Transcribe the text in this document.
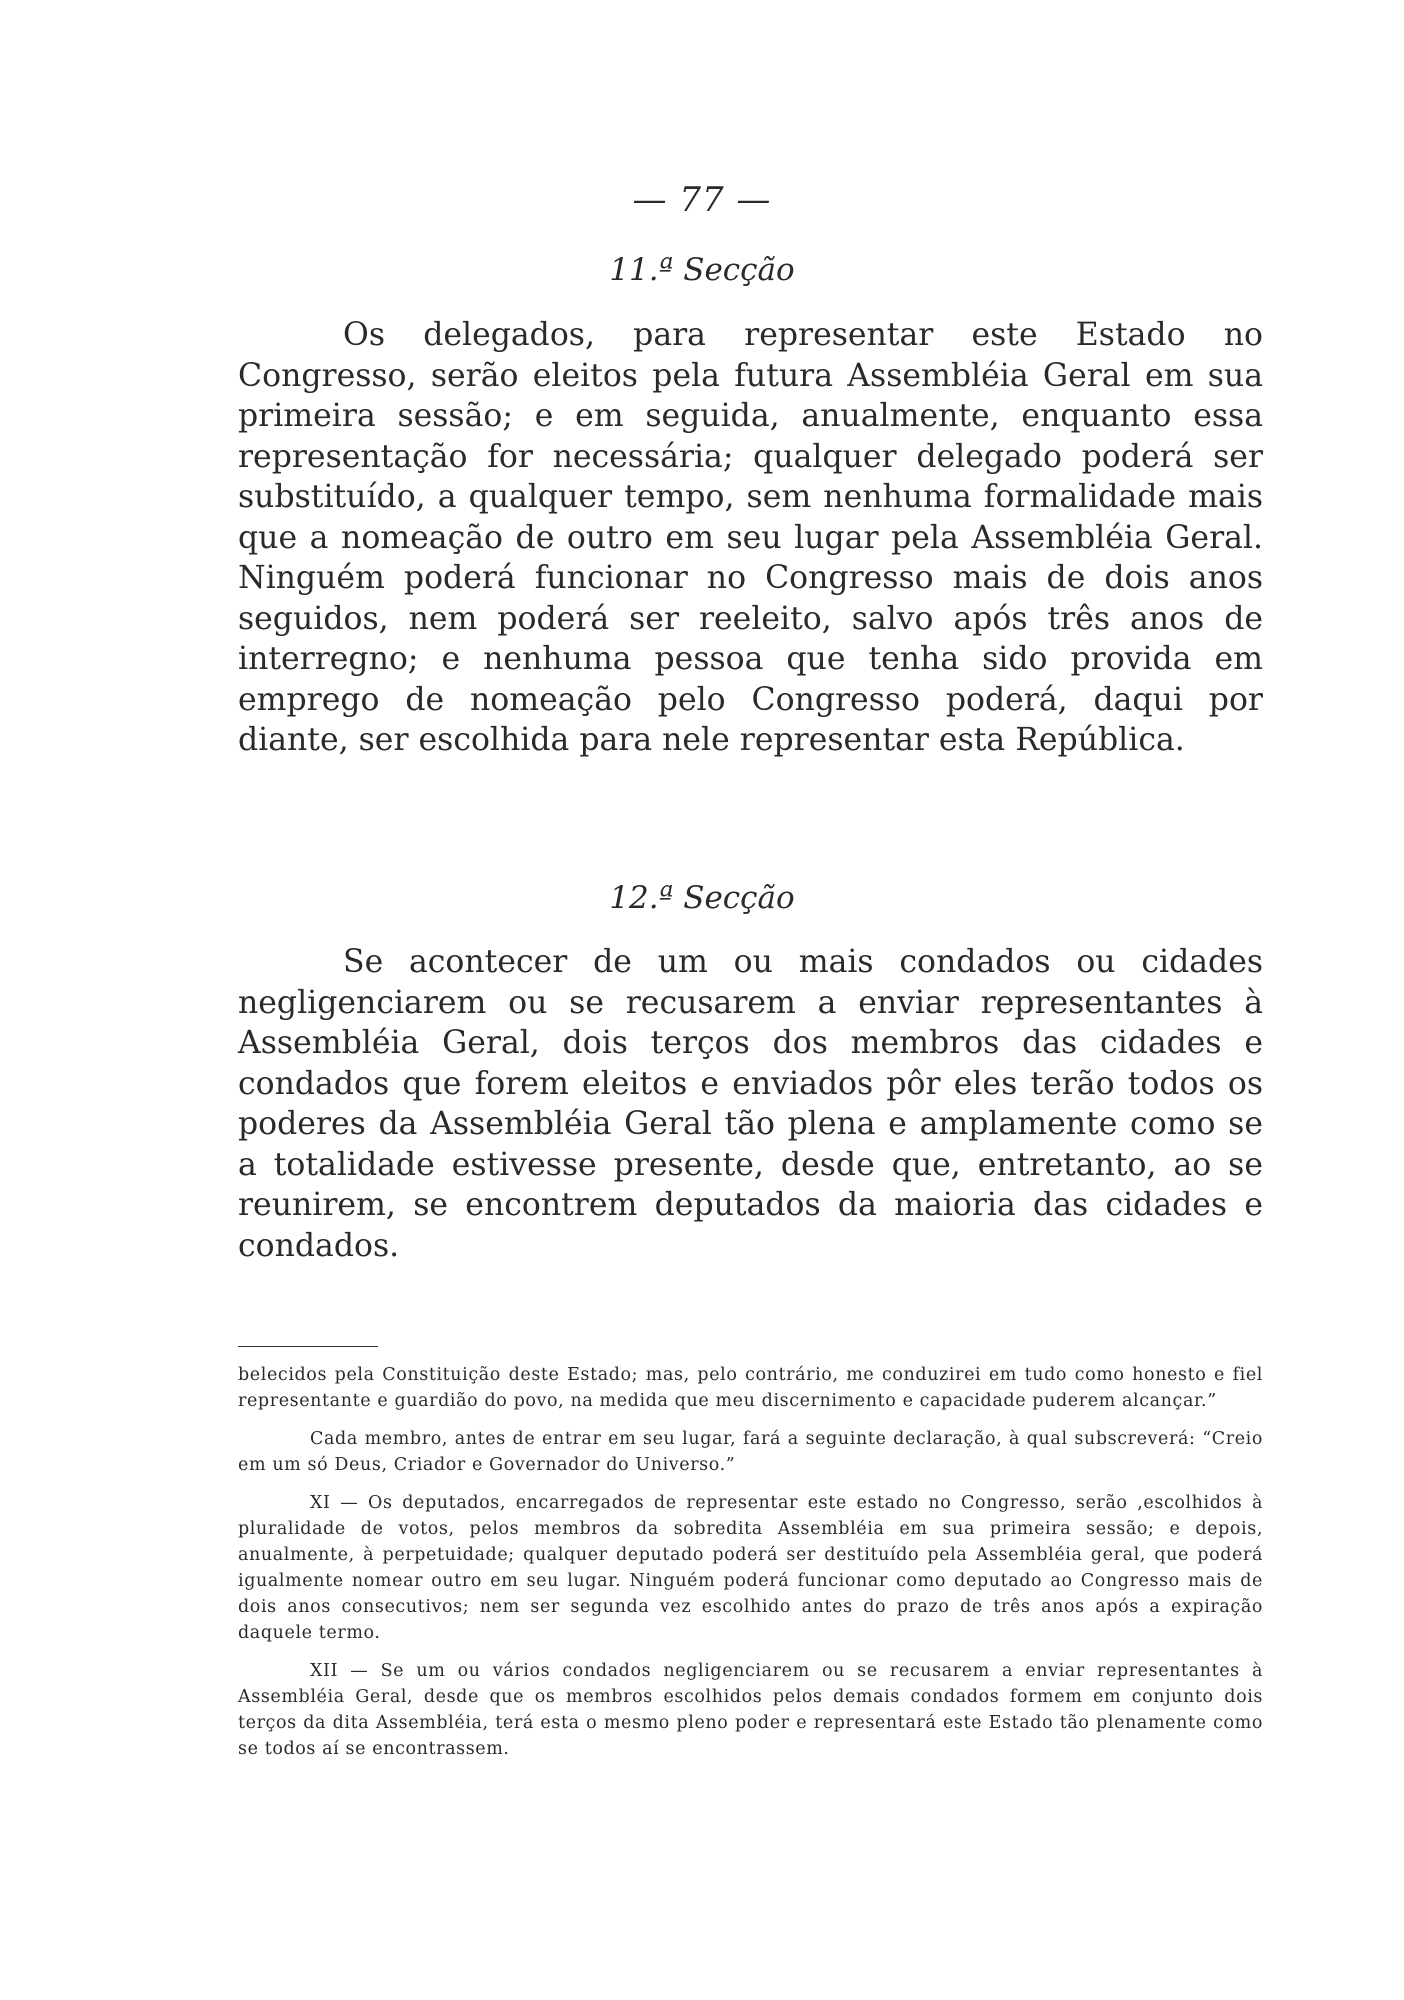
— 77 —
11.ª Secção

Os delegados, para representar este Estado no Congresso, serão eleitos pela futura Assembléia Geral em sua primeira sessão; e em seguida, anualmente, enquanto essa representação for necessária; qualquer delegado poderá ser substituído, a qualquer tempo, sem nenhuma formalidade mais que a nomeação de outro em seu lugar pela Assembléia Geral. Ninguém poderá funcionar no Congresso mais de dois anos seguidos, nem poderá ser reeleito, salvo após três anos de interregno; e nenhuma pessoa que tenha sido provida em emprego de nomeação pelo Congresso poderá, daqui por diante, ser escolhida para nele representar esta República.

12.ª Secção

Se acontecer de um ou mais condados ou cidades negligenciarem ou se recusarem a enviar representantes à Assembléia Geral, dois terços dos membros das cidades e condados que forem eleitos e enviados pôr eles terão todos os poderes da Assembléia Geral tão plena e amplamente como se a totalidade estivesse presente, desde que, entretanto, ao se reunirem, se encontrem deputados da maioria das cidades e condados.

belecidos pela Constituição deste Estado; mas, pelo contrário, me conduzirei em tudo como honesto e fiel representante e guardião do povo, na medida que meu discernimento e capacidade puderem alcançar.”

Cada membro, antes de entrar em seu lugar, fará a seguinte declaração, à qual subscreverá: “Creio em um só Deus, Criador e Governador do Universo.”

XI — Os deputados, encarregados de representar este estado no Congresso, serão ,escolhidos à pluralidade de votos, pelos membros da sobredita Assembléia em sua primeira sessão; e depois, anualmente, à perpetuidade; qualquer deputado poderá ser destituído pela Assembléia geral, que poderá igualmente nomear outro em seu lugar. Ninguém poderá funcionar como deputado ao Congresso mais de dois anos consecutivos; nem ser segunda vez escolhido antes do prazo de três anos após a expiração daquele termo.

XII — Se um ou vários condados negligenciarem ou se recusarem a enviar representantes à Assembléia Geral, desde que os membros escolhidos pelos demais condados formem em conjunto dois terços da dita Assembléia, terá esta o mesmo pleno poder e representará este Estado tão plenamente como se todos aí se encontrassem.
